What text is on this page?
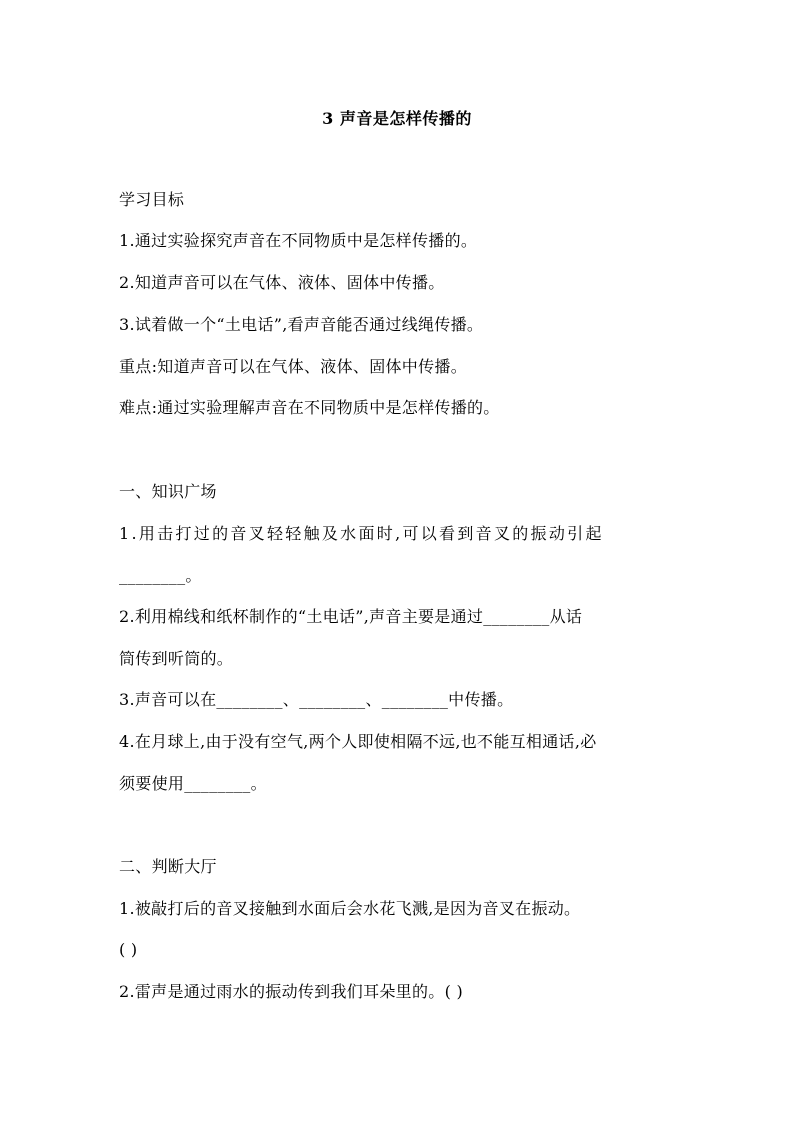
3 声音是怎样传播的
学习目标
1.通过实验探究声音在不同物质中是怎样传播的。
2.知道声音可以在气体、液体、固体中传播。
3.试着做一个“土电话”,看声音能否通过线绳传播。
重点:知道声音可以在气体、液体、固体中传播。
难点:通过实验理解声音在不同物质中是怎样传播的。
一、知识广场
1.用击打过的音叉轻轻触及水面时,可以看到音叉的振动引起
________。
2.利用棉线和纸杯制作的“土电话”,声音主要是通过________从话
筒传到听筒的。
3.声音可以在________、________、________中传播。
4.在月球上,由于没有空气,两个人即使相隔不远,也不能互相通话,必
须要使用________。
二、判断大厅
1.被敲打后的音叉接触到水面后会水花飞溅,是因为音叉在振动。
( )
2.雷声是通过雨水的振动传到我们耳朵里的。( )
